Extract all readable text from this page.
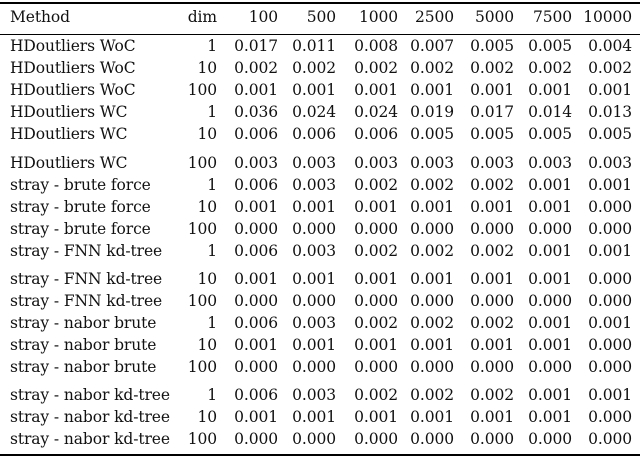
Method	dim 100 500 1000 2500 5000 7500 10000
HDoutliers WoC	1 0.017 0.011 0.008 0.007 0.005 0.005 0.004
HDoutliers WoC	10 0.002 0.002 0.002 0.002 0.002 0.002 0.002
HDoutliers WoC	100 0.001 0.001 0.001 0.001 0.001 0.001 0.001
HDoutliers WC	1 0.036 0.024 0.024 0.019 0.017 0.014 0.013
HDoutliers WC	10 0.006 0.006 0.006 0.005 0.005 0.005 0.005
HDoutliers WC	100 0.003 0.003 0.003 0.003 0.003 0.003 0.003
stray - brute force	1 0.006 0.003 0.002 0.002 0.002 0.001 0.001
stray - brute force	10 0.001 0.001 0.001 0.001 0.001 0.001 0.000
stray - brute force 100 0.000 0.000 0.000 0.000 0.000 0.000 0.000
stray - FNN kd-tree	1 0.006 0.003 0.002 0.002 0.002 0.001 0.001
stray - FNN kd-tree 10 0.001 0.001 0.001 0.001 0.001 0.001 0.000
stray - FNN kd-tree 100 0.000 0.000 0.000 0.000 0.000 0.000 0.000
stray - nabor brute	1 0.006 0.003 0.002 0.002 0.002 0.001 0.001
stray - nabor brute	10 0.001 0.001 0.001 0.001 0.001 0.001 0.000
stray - nabor brute 100 0.000 0.000 0.000 0.000 0.000 0.000 0.000
stray - nabor kd-tree 1 0.006 0.003 0.002 0.002 0.002 0.001 0.001
stray - nabor kd-tree 10 0.001 0.001 0.001 0.001 0.001 0.001 0.000
stray - nabor kd-tree 100 0.000 0.000 0.000 0.000 0.000 0.000 0.000
